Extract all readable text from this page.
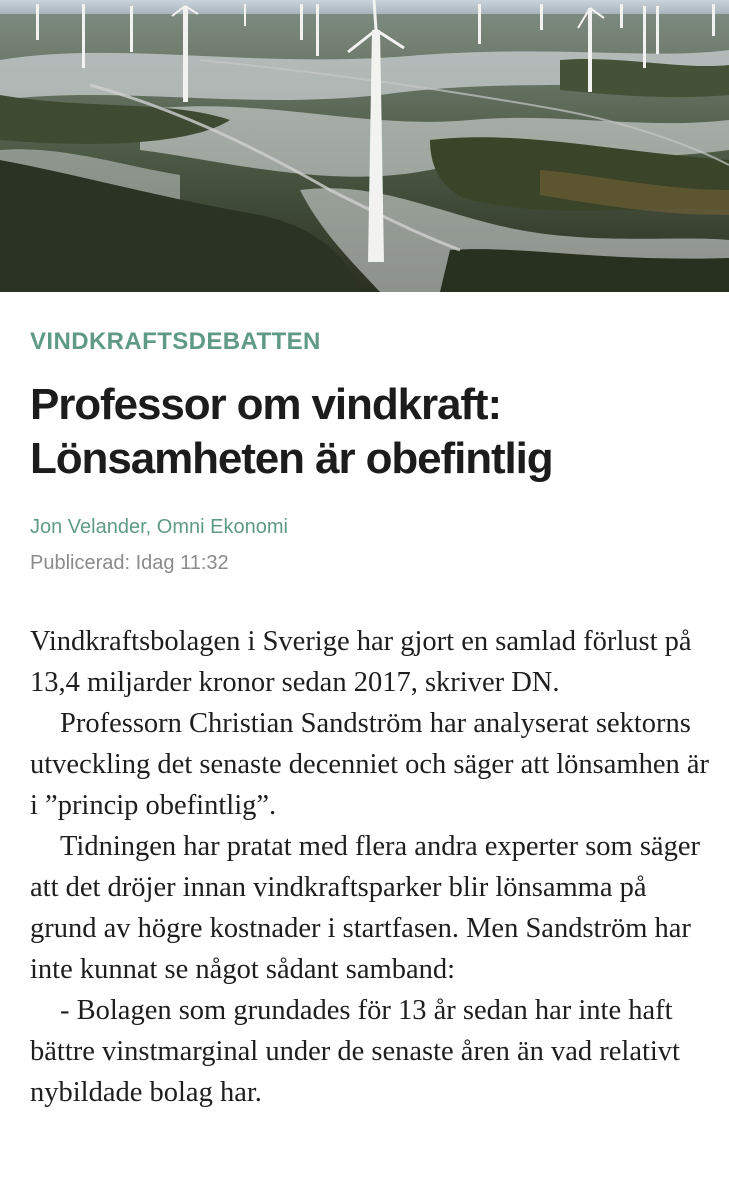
VINDKRAFTSDEBATTEN
Professor om vindkraft:
Lönsamheten är obefintlig
Jon Velander, Omni Ekonomi
Publicerad: Idag 11:32

Vindkraftsbolagen i Sverige har gjort en samlad förlust på 13,4 miljarder kronor sedan 2017, skriver DN.

Professorn Christian Sandström har analyserat sektorns utveckling det senaste decenniet och säger att lönsamhen är i ”princip obefintlig”.

Tidningen har pratat med flera andra experter som säger att det dröjer innan vindkraftsparker blir lönsamma på grund av högre kostnader i startfasen. Men Sandström har inte kunnat se något sådant samband:

- Bolagen som grundades för 13 år sedan har inte haft bättre vinstmarginal under de senaste åren än vad relativt nybildade bolag har.
